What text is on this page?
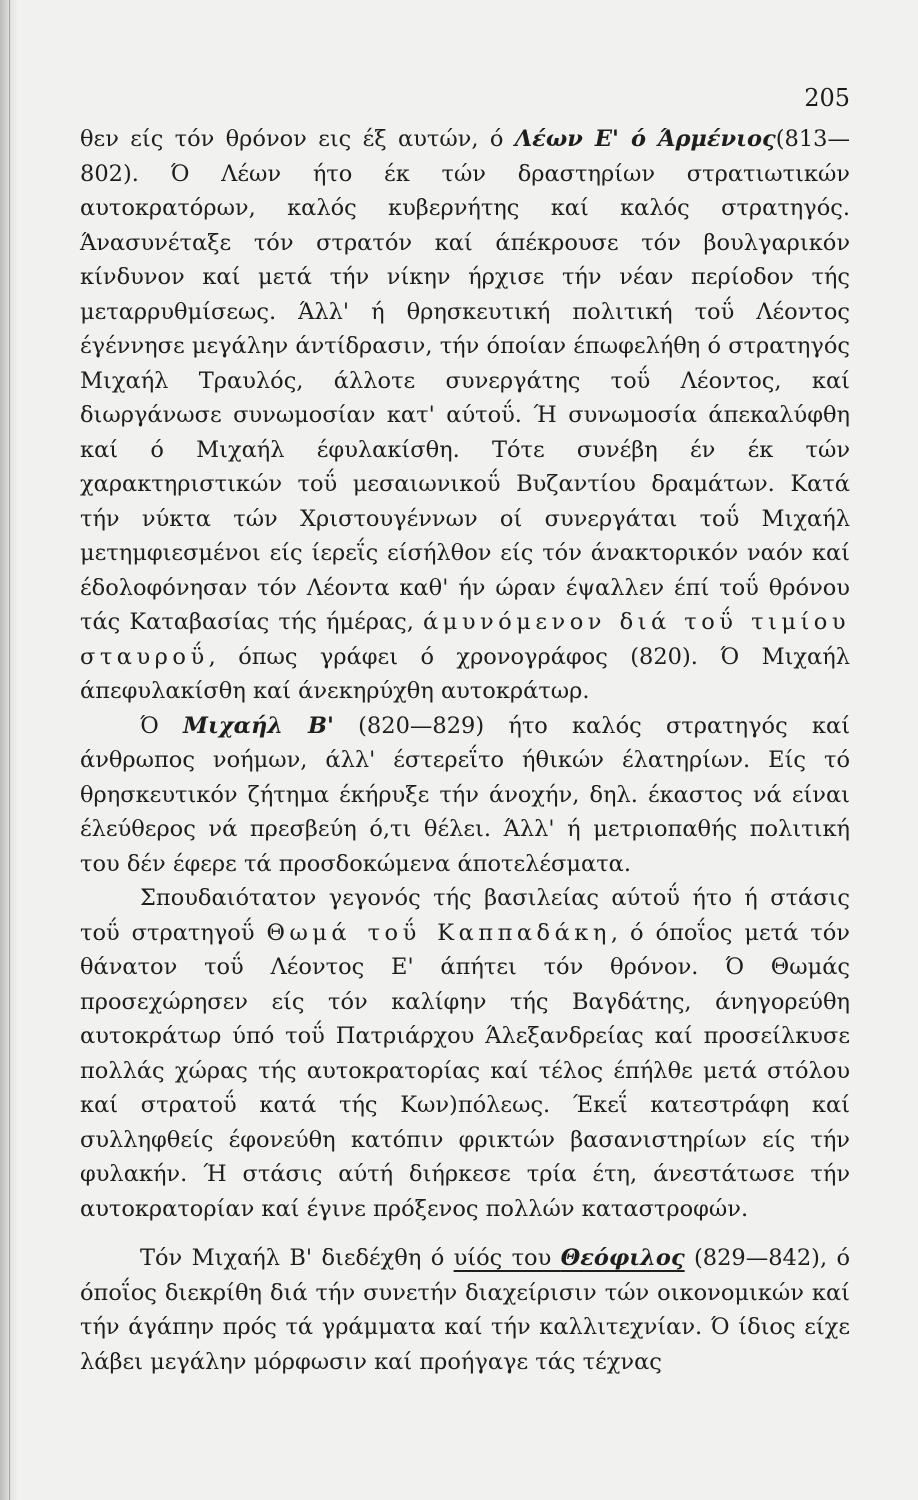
205

θεν είς τόν θρόνον εις έξ αυτών, ό Λέων Ε' ό Άρμένιος(813—802). Ό Λέων ήτο έκ τών δραστηρίων στρατιωτικών αυτοκρατόρων, καλός κυβερνήτης καί καλός στρατηγός. Άνασυνέταξε τόν στρατόν καί άπέκρουσε τόν βουλγαρικόν κίνδυνον καί μετά τήν νίκην ήρχισε τήν νέαν περίοδον τής μεταρρυθμίσεως. Άλλ' ή θρησκευτική πολιτική τοΰ Λέοντος έγέννησε μεγάλην άντίδρασιν, τήν όποίαν έπωφελήθη ό στρατηγός Μιχαήλ Τραυλός, άλλοτε συνεργάτης τοΰ Λέοντος, καί διωργάνωσε συνωμοσίαν κατ' αύτοΰ. Ή συνωμοσία άπεκαλύφθη καί ό Μιχαήλ έφυλακίσθη. Τότε συνέβη έν έκ τών χαρακτηριστικών τοΰ μεσαιωνικοΰ Βυζαντίου δραμάτων. Κατά τήν νύκτα τών Χριστουγέννων οί συνεργάται τοΰ Μιχαήλ μετημφιεσμένοι είς ίερεΐς είσήλθον είς τόν άνακτορικόν ναόν καί έδολοφόνησαν τόν Λέοντα καθ' ήν ώραν έψαλλεν έπί τοΰ θρόνου τάς Καταβασίας τής ήμέρας, άμυνόμενον διά τοΰ τιμίου σταυροΰ, όπως γράφει ό χρονογράφος (820). Ό Μιχαήλ άπεφυλακίσθη καί άνεκηρύχθη αυτοκράτωρ.

Ό Μιχαήλ Β' (820—829) ήτο καλός στρατηγός καί άνθρωπος νοήμων, άλλ' έστερεΐτο ήθικών έλατηρίων. Είς τό θρησκευτικόν ζήτημα έκήρυξε τήν άνοχήν, δηλ. έκαστος νά είναι έλεύθερος νά πρεσβεύη ό,τι θέλει. Άλλ' ή μετριοπαθής πολιτική του δέν έφερε τά προσδοκώμενα άποτελέσματα.

Σπουδαιότατον γεγονός τής βασιλείας αύτοΰ ήτο ή στάσις τοΰ στρατηγοΰ Θωμά τοΰ Καππαδάκη, ό όποΐος μετά τόν θάνατον τοΰ Λέοντος Ε' άπήτει τόν θρόνον. Ό Θωμάς προσεχώρησεν είς τόν καλίφην τής Βαγδάτης, άνηγορεύθη αυτοκράτωρ ύπό τοΰ Πατριάρχου Άλεξανδρείας καί προσείλκυσε πολλάς χώρας τής αυτοκρατορίας καί τέλος έπήλθε μετά στόλου καί στρατοΰ κατά τής Κων)πόλεως. Έκεΐ κατεστράφη καί συλληφθείς έφονεύθη κατόπιν φρικτών βασανιστηρίων είς τήν φυλακήν. Ή στάσις αύτή διήρκεσε τρία έτη, άνεστάτωσε τήν αυτοκρατορίαν καί έγινε πρόξενος πολλών καταστροφών.

Τόν Μιχαήλ Β' διεδέχθη ό υίός του Θεόφιλος (829—842), ό όποΐος διεκρίθη διά τήν συνετήν διαχείρισιν τών οικονομικών καί τήν άγάπην πρός τά γράμματα καί τήν καλλιτεχνίαν. Ό ίδιος είχε λάβει μεγάλην μόρφωσιν καί προήγαγε τάς τέχνας
